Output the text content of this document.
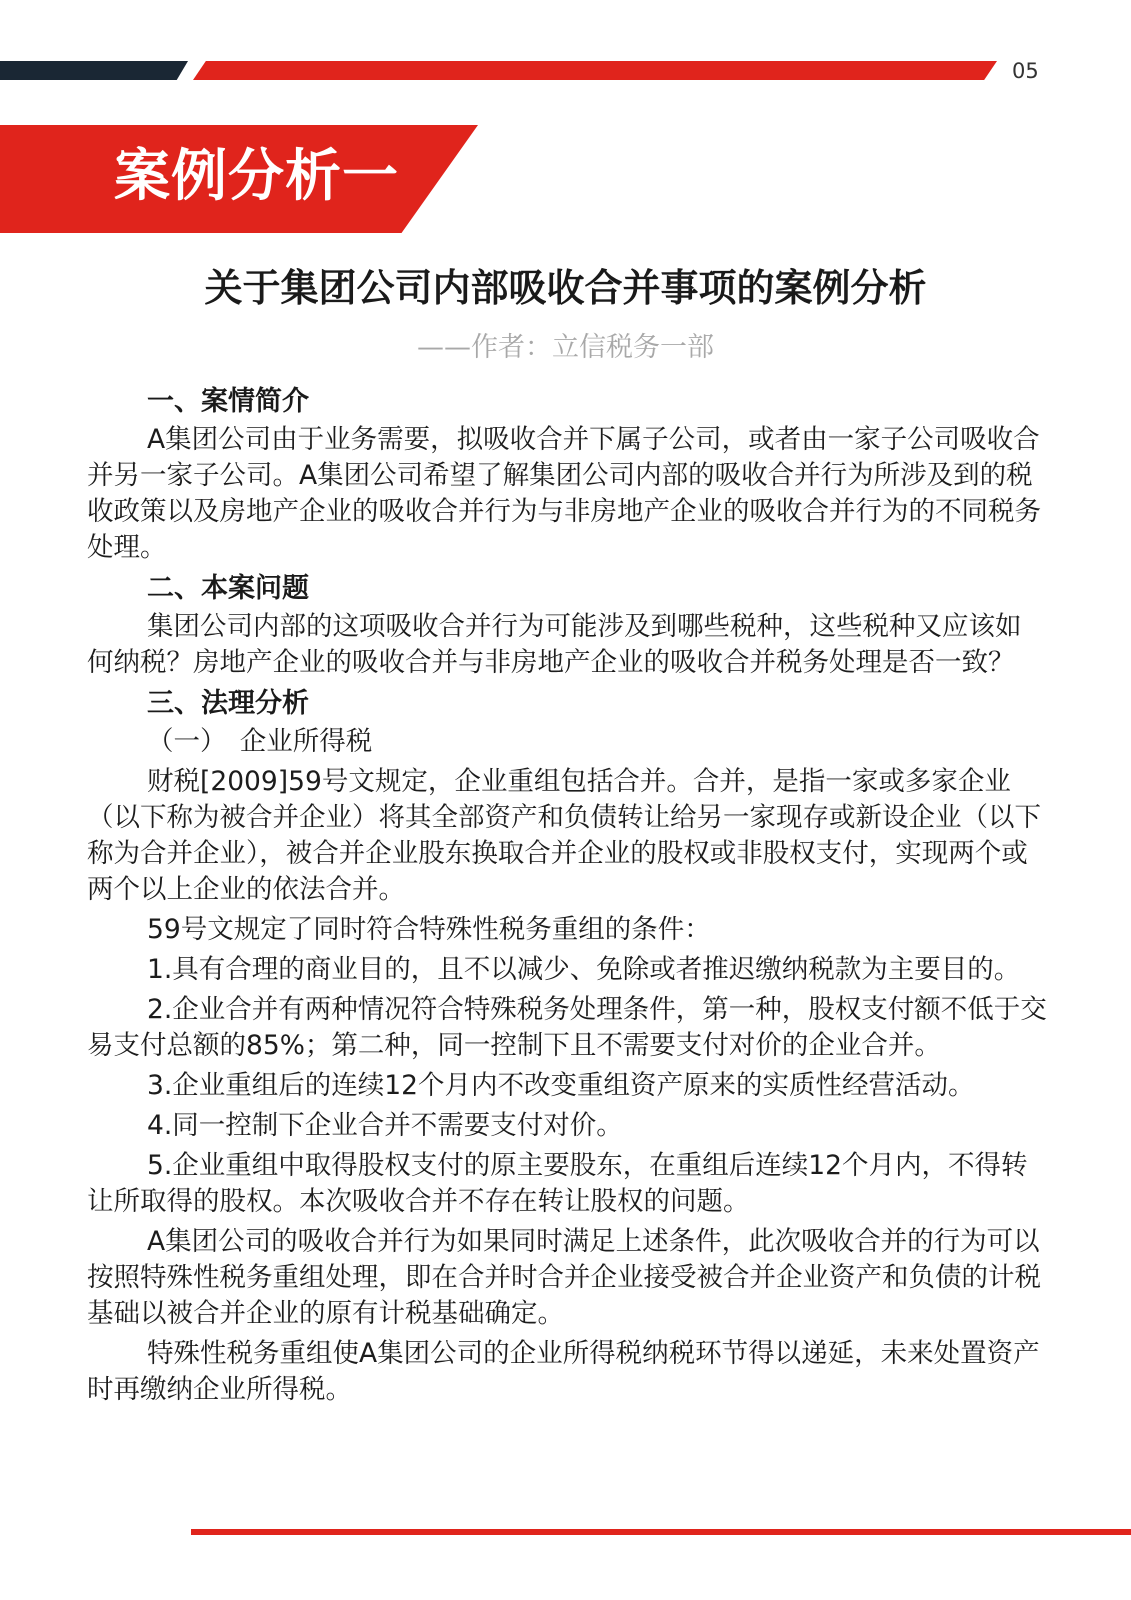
05
案例分析一
关于集团公司内部吸收合并事项的案例分析
——作者：立信税务一部
一、案情简介

A集团公司由于业务需要，拟吸收合并下属子公司，或者由一家子公司吸收合并另一家子公司。A集团公司希望了解集团公司内部的吸收合并行为所涉及到的税收政策以及房地产企业的吸收合并行为与非房地产企业的吸收合并行为的不同税务处理。

二、本案问题

集团公司内部的这项吸收合并行为可能涉及到哪些税种，这些税种又应该如何纳税？房地产企业的吸收合并与非房地产企业的吸收合并税务处理是否一致？

三、法理分析

（一）　企业所得税

财税[2009]59号文规定，企业重组包括合并。合并，是指一家或多家企业（以下称为被合并企业）将其全部资产和负债转让给另一家现存或新设企业（以下称为合并企业），被合并企业股东换取合并企业的股权或非股权支付，实现两个或两个以上企业的依法合并。

59号文规定了同时符合特殊性税务重组的条件：

1.具有合理的商业目的，且不以减少、免除或者推迟缴纳税款为主要目的。

2.企业合并有两种情况符合特殊税务处理条件，第一种，股权支付额不低于交易支付总额的85%；第二种，同一控制下且不需要支付对价的企业合并。

3.企业重组后的连续12个月内不改变重组资产原来的实质性经营活动。

4.同一控制下企业合并不需要支付对价。

5.企业重组中取得股权支付的原主要股东，在重组后连续12个月内，不得转让所取得的股权。本次吸收合并不存在转让股权的问题。

A集团公司的吸收合并行为如果同时满足上述条件，此次吸收合并的行为可以按照特殊性税务重组处理，即在合并时合并企业接受被合并企业资产和负债的计税基础以被合并企业的原有计税基础确定。

特殊性税务重组使A集团公司的企业所得税纳税环节得以递延，未来处置资产时再缴纳企业所得税。
